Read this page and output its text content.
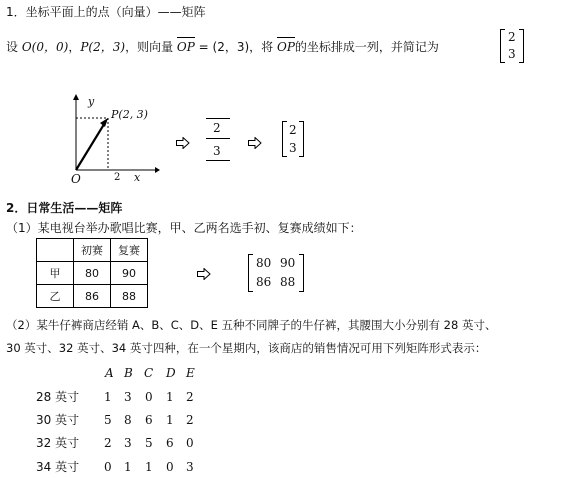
1．坐标平面上的点（向量）——矩阵
设 O(0，0)，P(2，3)，则向量 OP = (2，3)，将 OP
的坐标排成一列，并简记为
2
3
y
P(2, 3)
O	2 x
2
3
2
3
2．日常生活——矩阵
（1）某电视台举办歌唱比赛，甲、乙两名选手初、复赛成绩如下：
	初赛	复赛
甲	80	90
乙	86	88
80 90
86 88
（2）某牛仔裤商店经销 A、B、C、D、E 五种不同牌子的牛仔裤，其腰围大小分别有 28 英寸、
30 英寸、32 英寸、34 英寸四种，在一个星期内，该商店的销售情况可用下列矩阵形式表示：
A B C D E
28 英寸 1 3 0 1 2
30 英寸 5 8 6 1 2
32 英寸 2 3 5 6 0
34 英寸 0 1 1 0 3
